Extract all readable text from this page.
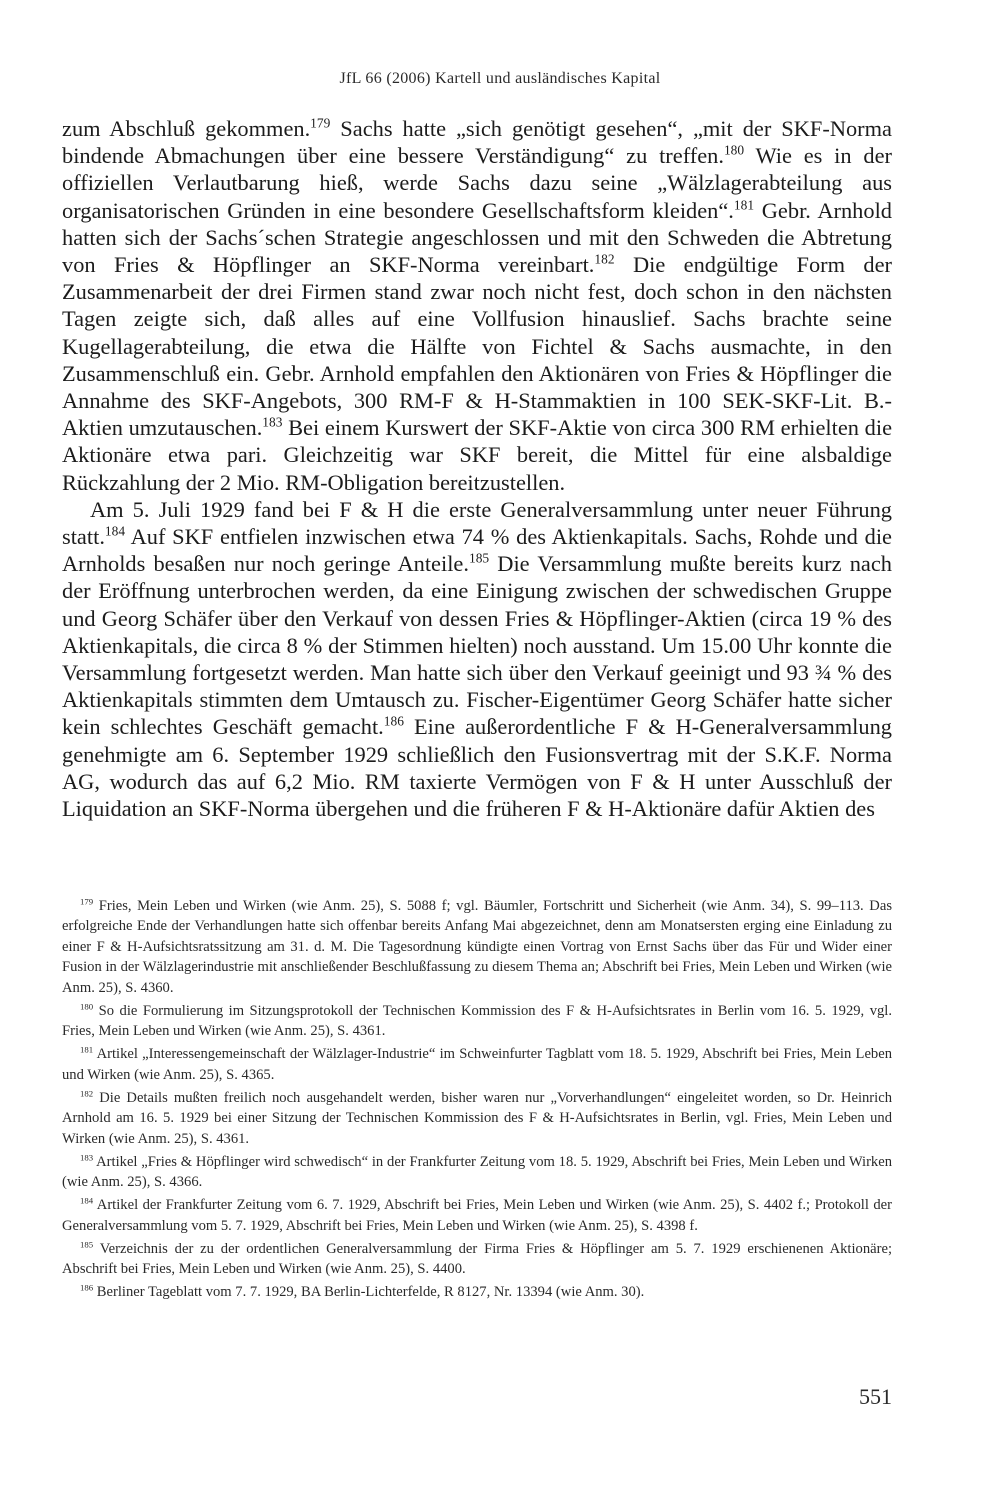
JfL 66 (2006) Kartell und ausländisches Kapital

zum Abschluß gekommen.$^{179}$ Sachs hatte „sich genötigt gesehen“, „mit der SKF-Norma bindende Abmachungen über eine bessere Verständigung“ zu treffen.$^{180}$ Wie es in der offiziellen Verlautbarung hieß, werde Sachs dazu seine „Wälzlagerabteilung aus organisatorischen Gründen in eine besondere Gesellschaftsform kleiden“.$^{181}$ Gebr. Arnhold hatten sich der Sachs´schen Strategie angeschlossen und mit den Schweden die Abtretung von Fries & Höpflinger an SKF-Norma vereinbart.$^{182}$ Die endgültige Form der Zusammenarbeit der drei Firmen stand zwar noch nicht fest, doch schon in den nächsten Tagen zeigte sich, daß alles auf eine Vollfusion hinauslief. Sachs brachte seine Kugellagerabteilung, die etwa die Hälfte von Fichtel & Sachs ausmachte, in den Zusammenschluß ein. Gebr. Arnhold empfahlen den Aktionären von Fries & Höpflinger die Annahme des SKF-Angebots, 300 RM-F & H-Stammaktien in 100 SEK-SKF-Lit. B.-Aktien umzutauschen.$^{183}$ Bei einem Kurswert der SKF-Aktie von circa 300 RM erhielten die Aktionäre etwa pari. Gleichzeitig war SKF bereit, die Mittel für eine alsbaldige Rückzahlung der 2 Mio. RM-Obligation bereitzustellen.

Am 5. Juli 1929 fand bei F & H die erste Generalversammlung unter neuer Führung statt.$^{184}$ Auf SKF entfielen inzwischen etwa 74 % des Aktienkapitals. Sachs, Rohde und die Arnholds besaßen nur noch geringe Anteile.$^{185}$ Die Versammlung mußte bereits kurz nach der Eröffnung unterbrochen werden, da eine Einigung zwischen der schwedischen Gruppe und Georg Schäfer über den Verkauf von dessen Fries & Höpflinger-Aktien (circa 19 % des Aktienkapitals, die circa 8 % der Stimmen hielten) noch ausstand. Um 15.00 Uhr konnte die Versammlung fortgesetzt werden. Man hatte sich über den Verkauf geeinigt und 93 ¾ % des Aktienkapitals stimmten dem Umtausch zu. Fischer-Eigentümer Georg Schäfer hatte sicher kein schlechtes Geschäft gemacht.$^{186}$ Eine außerordentliche F & H-Generalversammlung genehmigte am 6. September 1929 schließlich den Fusionsvertrag mit der S.K.F. Norma AG, wodurch das auf 6,2 Mio. RM taxierte Vermögen von F & H unter Ausschluß der Liquidation an SKF-Norma übergehen und die früheren F & H-Aktionäre dafür Aktien des

$^{179}$ Fries, Mein Leben und Wirken (wie Anm. 25), S. 5088 f; vgl. Bäumler, Fortschritt und Sicherheit (wie Anm. 34), S. 99–113. Das erfolgreiche Ende der Verhandlungen hatte sich offenbar bereits Anfang Mai abgezeichnet, denn am Monatsersten erging eine Einladung zu einer F & H-Aufsichtsratssitzung am 31. d. M. Die Tagesordnung kündigte einen Vortrag von Ernst Sachs über das Für und Wider einer Fusion in der Wälzlagerindustrie mit anschließender Beschlußfassung zu diesem Thema an; Abschrift bei Fries, Mein Leben und Wirken (wie Anm. 25), S. 4360.

$^{180}$ So die Formulierung im Sitzungsprotokoll der Technischen Kommission des F & H-Aufsichtsrates in Berlin vom 16. 5. 1929, vgl. Fries, Mein Leben und Wirken (wie Anm. 25), S. 4361.

$^{181}$ Artikel „Interessengemeinschaft der Wälzlager-Industrie“ im Schweinfurter Tagblatt vom 18. 5. 1929, Abschrift bei Fries, Mein Leben und Wirken (wie Anm. 25), S. 4365.

$^{182}$ Die Details mußten freilich noch ausgehandelt werden, bisher waren nur „Vorverhandlungen“ eingeleitet worden, so Dr. Heinrich Arnhold am 16. 5. 1929 bei einer Sitzung der Technischen Kommission des F & H-Aufsichtsrates in Berlin, vgl. Fries, Mein Leben und Wirken (wie Anm. 25), S. 4361.

$^{183}$ Artikel „Fries & Höpflinger wird schwedisch“ in der Frankfurter Zeitung vom 18. 5. 1929, Abschrift bei Fries, Mein Leben und Wirken (wie Anm. 25), S. 4366.

$^{184}$ Artikel der Frankfurter Zeitung vom 6. 7. 1929, Abschrift bei Fries, Mein Leben und Wirken (wie Anm. 25), S. 4402 f.; Protokoll der Generalversammlung vom 5. 7. 1929, Abschrift bei Fries, Mein Leben und Wirken (wie Anm. 25), S. 4398 f.

$^{185}$ Verzeichnis der zu der ordentlichen Generalversammlung der Firma Fries & Höpflinger am 5. 7. 1929 erschienenen Aktionäre; Abschrift bei Fries, Mein Leben und Wirken (wie Anm. 25), S. 4400.

$^{186}$ Berliner Tageblatt vom 7. 7. 1929, BA Berlin-Lichterfelde, R 8127, Nr. 13394 (wie Anm. 30).

551
